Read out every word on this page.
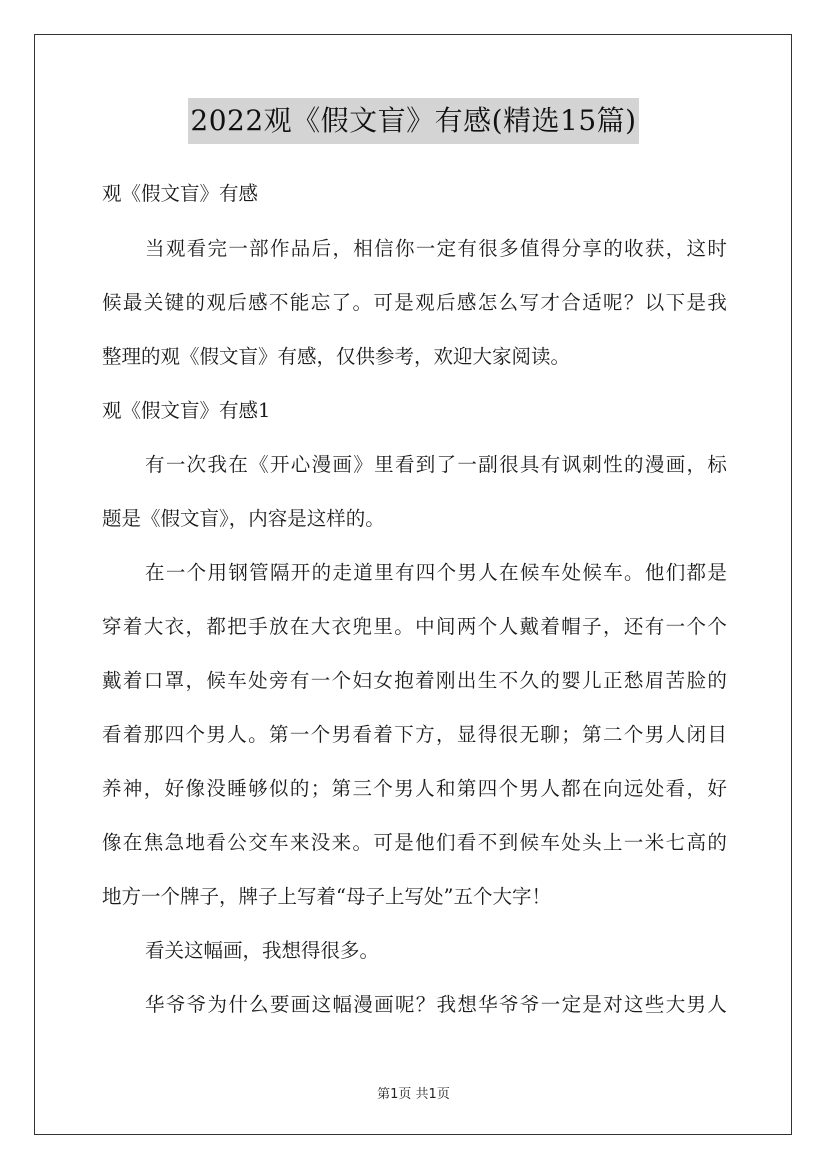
2022观《假文盲》有感(精选15篇)
观《假文盲》有感
当 观 看 完 一 部 作 品 后 ， 相 信 你 一 定 有 很 多 值 得 分 享 的 收 获 ， 这 时
候 最 关 键 的 观 后 感 不 能 忘 了 。 可 是 观 后 感 怎 么 写 才 合 适 呢 ？ 以 下 是 我
整理的观《假文盲》有感，仅供参考，欢迎大家阅读。
观《假文盲》有感1
有 一 次 我 在 《 开 心 漫 画 》 里 看 到 了 一 副 很 具 有 讽 刺 性 的 漫 画 ， 标
题是《假文盲》，内容是这样的。
在 一 个 用 钢 管 隔 开 的 走 道 里 有 四 个 男 人 在 候 车 处 候 车 。 他 们 都 是
穿 着 大 衣 ， 都 把 手 放 在 大 衣 兜 里 。 中 间 两 个 人 戴 着 帽 子 ， 还 有 一 个 个
戴 着 口 罩 ， 候 车 处 旁 有 一 个 妇 女 抱 着 刚 出 生 不 久 的 婴 儿 正 愁 眉 苦 脸 的
看 着 那 四 个 男 人 。 第 一 个 男 看 着 下 方 ， 显 得 很 无 聊 ； 第 二 个 男 人 闭 目
养 神 ， 好 像 没 睡 够 似 的 ； 第 三 个 男 人 和 第 四 个 男 人 都 在 向 远 处 看 ， 好
像 在 焦 急 地 看 公 交 车 来 没 来 。 可 是 他 们 看 不 到 候 车 处 头 上 一 米 七 高 的
地方一个牌子，牌子上写着“母子上写处”五个大字！
看关这幅画，我想得很多。
华 爷 爷 为 什 么 要 画 这 幅 漫 画 呢 ？ 我 想 华 爷 爷 一 定 是 对 这 些 大 男 人
第1页 共1页
